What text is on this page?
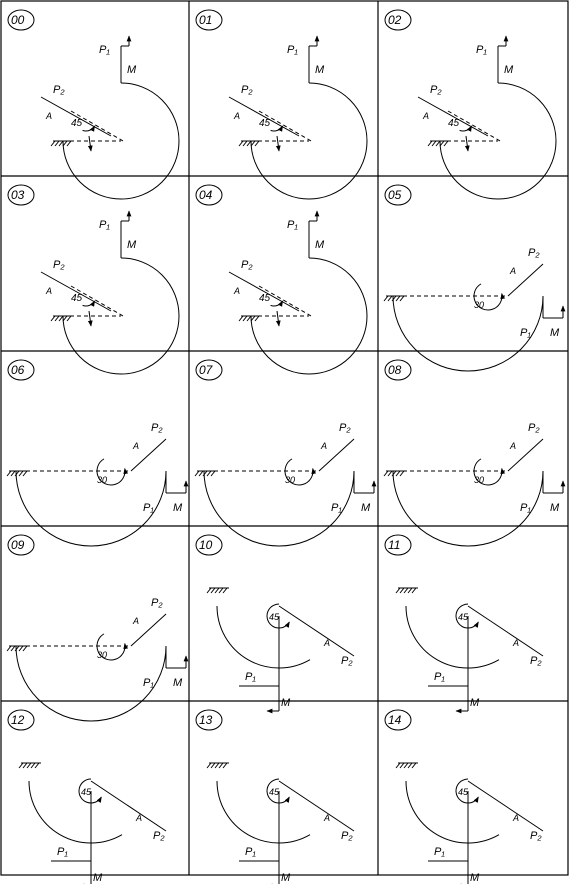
00
45
A
P₂
P₁
M
01
45
A
P₂
P₁
M
02
45
A
P₂
P₁
M
03
45
A
P₂
P₁
M
04
45
A
P₂
P₁
M
05
P₂
A
30
P₁ M
06
P₂
A
30
P₁ M
07
P₂
A
30
P₁ M
08
P₂
A
30
P₁ M
09
P₂
A
30
P₁ M
10
P₂
A
45
P₁
M
11
P₂
A
45
P₁
M
12
P₂
A
45
P₁
M
13
P₂
A
45
P₁
M
14
P₂
A
45
P₁
M
